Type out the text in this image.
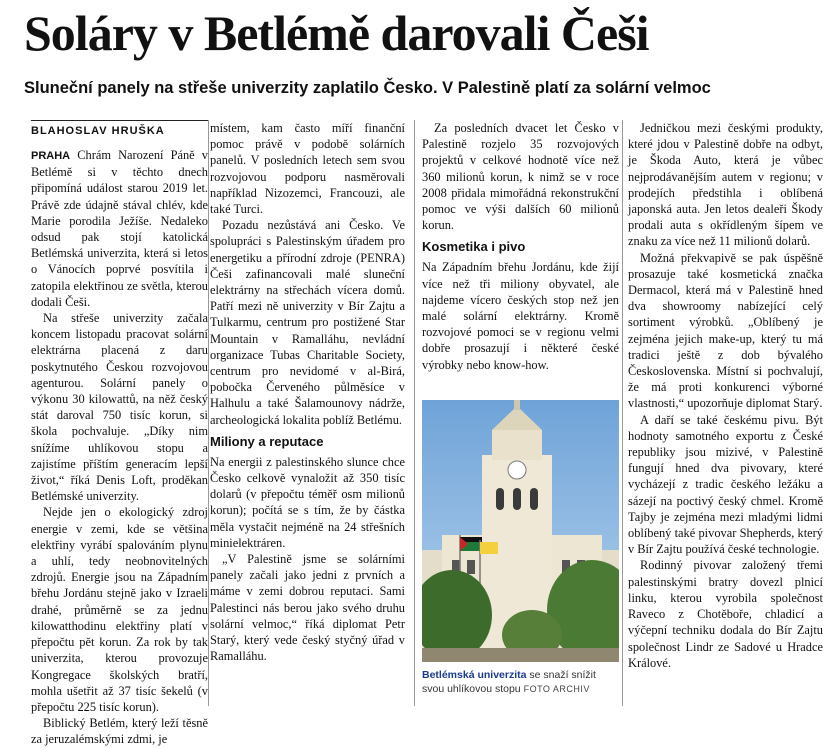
Soláry v Betlémě darovali Češi
Sluneční panely na střeše univerzity zaplatilo Česko. V Palestině platí za solární velmoc
BLAHOSLAV HRUŠKA

PRAHA Chrám Narození Páně v Betlémě si v těchto dnech připomíná událost starou 2019 let. Právě zde údajně stával chlév, kde Marie porodila Ježíše. Nedaleko odsud pak stojí katolická Betlémská univerzita, která si letos o Vánocích poprvé posvítila i zatopila elektřinou ze světla, kterou dodali Češi.

Na střeše univerzity začala koncem listopadu pracovat solární elektrárna placená z daru poskytnutého Českou rozvojovou agenturou. Solární panely o výkonu 30 kilowattů, na něž český stát daroval 750 tisíc korun, si škola pochvaluje. „Díky nim snížíme uhlíkovou stopu a zajistíme příštím generacím lepší život,“ říká Denis Loft, proděkan Betlémské univerzity.

Nejde jen o ekologický zdroj energie v zemi, kde se většina elektřiny vyrábí spalováním plynu a uhlí, tedy neobnovitelných zdrojů. Energie jsou na Západním břehu Jordánu stejně jako v Izraeli drahé, průměrně se za jednu kilowatthodinu elektřiny platí v přepočtu pět korun. Za rok by tak univerzita, kterou provozuje Kongregace školských bratří, mohla ušetřit až 37 tisíc šekelů (v přepočtu 225 tisíc korun).

Biblický Betlém, který leží těsně za jeruzalémskými zdmi, je

místem, kam často míří finanční pomoc právě v podobě solárních panelů. V posledních letech sem svou rozvojovou podporu nasměrovali například Nizozemci, Francouzi, ale také Turci.

Pozadu nezůstává ani Česko. Ve spolupráci s Palestinským úřadem pro energetiku a přírodní zdroje (PENRA) Češi zafinancovali malé sluneční elektrárny na střechách vícera domů. Patří mezi ně univerzity v Bír Zajtu a Tulkarmu, centrum pro postižené Star Mountain v Ramalláhu, nevládní organizace Tubas Charitable Society, centrum pro nevidomé v al-Birá, pobočka Červeného půlměsíce v Halhulu a také Šalamounovy nádrže, archeologická lokalita poblíž Betlému.

Miliony a reputace

Na energii z palestinského slunce chce Česko celkově vynaložit až 350 tisíc dolarů (v přepočtu téměř osm milionů korun); počítá se s tím, že by částka měla vystačit nejméně na 24 střešních minielektráren.

„V Palestině jsme se solárními panely začali jako jedni z prvních a máme v zemi dobrou reputaci. Sami Palestinci nás berou jako svého druhu solární velmoc,“ říká diplomat Petr Starý, který vede český styčný úřad v Ramalláhu.

Za posledních dvacet let Česko v Palestině rozjelo 35 rozvojových projektů v celkové hodnotě více než 360 milionů korun, k nimž se v roce 2008 přidala mimořádná rekonstrukční pomoc ve výši dalších 60 milionů korun.

Kosmetika i pivo

Na Západním břehu Jordánu, kde žijí více než tři miliony obyvatel, ale najdeme vícero českých stop než jen malé solární elektrárny. Kromě rozvojové pomoci se v regionu velmi dobře prosazují i některé české výrobky nebo know-how.

Betlémská univerzita se snaží snížit svou uhlíkovou stopu FOTO ARCHIV

Jedničkou mezi českými produkty, které jdou v Palestině dobře na odbyt, je Škoda Auto, která je vůbec nejprodávanějším autem v regionu; v prodejích předstihla i oblíbená japonská auta. Jen letos dealeři Škody prodali auta s okřídleným šípem ve znaku za více než 11 milionů dolarů.

Možná překvapivě se pak úspěšně prosazuje také kosmetická značka Dermacol, která má v Palestině hned dva showroomy nabízející celý sortiment výrobků. „Oblíbený je zejména jejich make-up, který tu má tradici ještě z dob bývalého Československa. Místní si pochvalují, že má proti konkurenci výborné vlastnosti,“ upozorňuje diplomat Starý.

A daří se také českému pivu. Být hodnoty samotného exportu z České republiky jsou mizivé, v Palestině fungují hned dva pivovary, které vycházejí z tradic českého ležáku a sázejí na poctivý český chmel. Kromě Tajby je zejména mezi mladými lidmi oblíbený také pivovar Shepherds, který v Bír Zajtu používá české technologie.

Rodinný pivovar založený třemi palestinskými bratry dovezl plnicí linku, kterou vyrobila společnost Raveco z Chotěboře, chladicí a výčepní techniku dodala do Bír Zajtu společnost Lindr ze Sadové u Hradce Králové.
